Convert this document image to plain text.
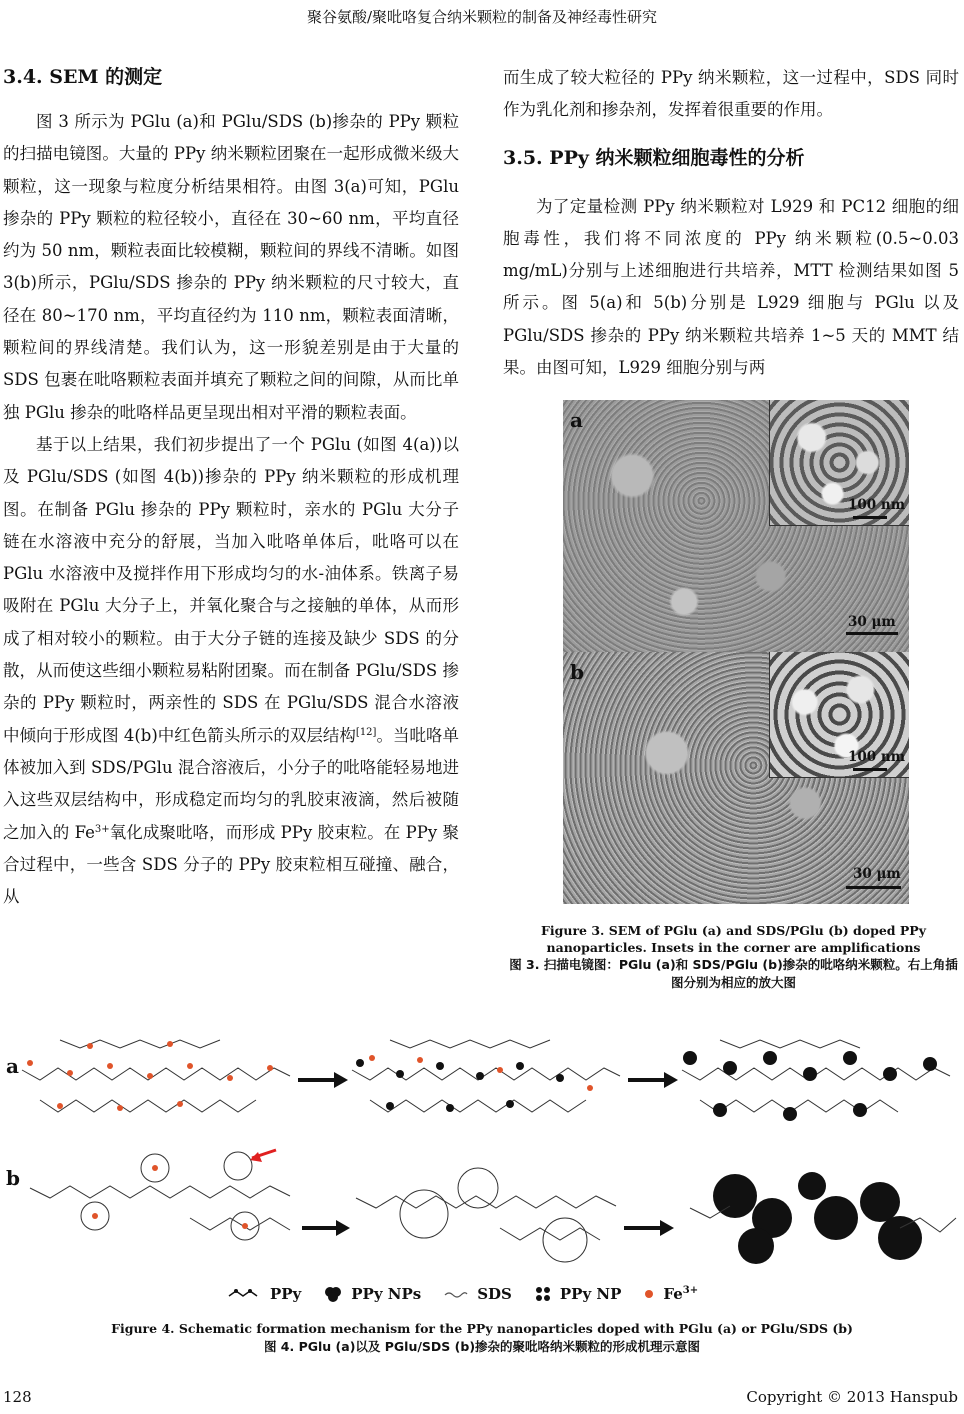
聚谷氨酸/聚吡咯复合纳米颗粒的制备及神经毒性研究
3.4. SEM 的测定

图 3 所示为 PGlu (a)和 PGlu/SDS (b)掺杂的 PPy 颗粒的扫描电镜图。大量的 PPy 纳米颗粒团聚在一起形成微米级大颗粒，这一现象与粒度分析结果相符。由图 3(a)可知，PGlu 掺杂的 PPy 颗粒的粒径较小，直径在 30~60 nm，平均直径约为 50 nm，颗粒表面比较模糊，颗粒间的界线不清晰。如图 3(b)所示，PGlu/SDS 掺杂的 PPy 纳米颗粒的尺寸较大，直径在 80~170 nm，平均直径约为 110 nm，颗粒表面清晰，颗粒间的界线清楚。我们认为，这一形貌差别是由于大量的 SDS 包裹在吡咯颗粒表面并填充了颗粒之间的间隙，从而比单独 PGlu 掺杂的吡咯样品更呈现出相对平滑的颗粒表面。

基于以上结果，我们初步提出了一个 PGlu (如图 4(a))以及 PGlu/SDS (如图 4(b))掺杂的 PPy 纳米颗粒的形成机理图。在制备 PGlu 掺杂的 PPy 颗粒时，亲水的 PGlu 大分子链在水溶液中充分的舒展，当加入吡咯单体后，吡咯可以在 PGlu 水溶液中及搅拌作用下形成均匀的水-油体系。铁离子易吸附在 PGlu 大分子上，并氧化聚合与之接触的单体，从而形成了相对较小的颗粒。由于大分子链的连接及缺少 SDS 的分散，从而使这些细小颗粒易粘附团聚。而在制备 PGlu/SDS 掺杂的 PPy 颗粒时，两亲性的 SDS 在 PGlu/SDS 混合水溶液中倾向于形成图 4(b)中红色箭头所示的双层结构[12]。当吡咯单体被加入到 SDS/PGlu 混合溶液后，小分子的吡咯能轻易地进入这些双层结构中，形成稳定而均匀的乳胶束液滴，然后被随之加入的 $Fe^{3+}$氧化成聚吡咯，而形成 PPy 胶束粒。在 PPy 聚合过程中，一些含 SDS 分子的 PPy 胶束粒相互碰撞、融合，从

而生成了较大粒径的 PPy 纳米颗粒，这一过程中，SDS 同时作为乳化剂和掺杂剂，发挥着很重要的作用。

3.5. PPy 纳米颗粒细胞毒性的分析

为了定量检测 PPy 纳米颗粒对 L929 和 PC12 细胞的细胞毒性，我们将不同浓度的 PPy 纳米颗粒(0.5~0.03 mg/mL)分别与上述细胞进行共培养，MTT 检测结果如图 5 所示。图 5(a)和 5(b)分别是 L929 细胞与 PGlu 以及 PGlu/SDS 掺杂的 PPy 纳米颗粒共培养 1~5 天的 MMT 结果。由图可知，L929 细胞分别与两

100 nm
a
30 μm
100 nm
b
30 μm
Figure 3. SEM of PGlu (a) and SDS/PGlu (b) doped PPy nanoparticles. Insets in the corner are amplifications
图 3. 扫描电镜图：PGlu (a)和 SDS/PGlu (b)掺杂的吡咯纳米颗粒。右上角插图分别为相应的放大图
a
b
PPy	PPy NPs	SDS	PPy NP	$Fe^{3+}$
Figure 4. Schematic formation mechanism for the PPy nanoparticles doped with PGlu (a) or PGlu/SDS (b)
图 4. PGlu (a)以及 PGlu/SDS (b)掺杂的聚吡咯纳米颗粒的形成机理示意图
128	Copyright © 2013 Hanspub
